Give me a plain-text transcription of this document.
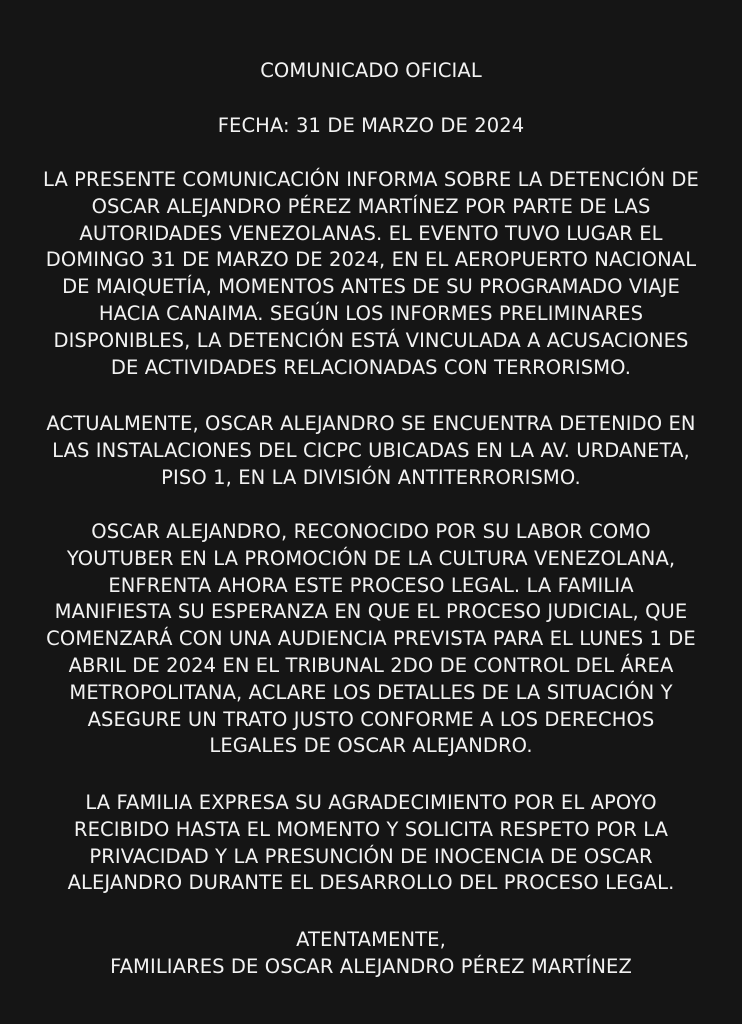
COMUNICADO OFICIAL
FECHA: 31 DE MARZO DE 2024
LA PRESENTE COMUNICACIÓN INFORMA SOBRE LA DETENCIÓN DE
OSCAR ALEJANDRO PÉREZ MARTÍNEZ POR PARTE DE LAS
AUTORIDADES VENEZOLANAS. EL EVENTO TUVO LUGAR EL
DOMINGO 31 DE MARZO DE 2024, EN EL AEROPUERTO NACIONAL
DE MAIQUETÍA, MOMENTOS ANTES DE SU PROGRAMADO VIAJE
HACIA CANAIMA. SEGÚN LOS INFORMES PRELIMINARES
DISPONIBLES, LA DETENCIÓN ESTÁ VINCULADA A ACUSACIONES
DE ACTIVIDADES RELACIONADAS CON TERRORISMO.
ACTUALMENTE, OSCAR ALEJANDRO SE ENCUENTRA DETENIDO EN
LAS INSTALACIONES DEL CICPC UBICADAS EN LA AV. URDANETA,
PISO 1, EN LA DIVISIÓN ANTITERRORISMO.
OSCAR ALEJANDRO, RECONOCIDO POR SU LABOR COMO
YOUTUBER EN LA PROMOCIÓN DE LA CULTURA VENEZOLANA,
ENFRENTA AHORA ESTE PROCESO LEGAL. LA FAMILIA
MANIFIESTA SU ESPERANZA EN QUE EL PROCESO JUDICIAL, QUE
COMENZARÁ CON UNA AUDIENCIA PREVISTA PARA EL LUNES 1 DE
ABRIL DE 2024 EN EL TRIBUNAL 2DO DE CONTROL DEL ÁREA
METROPOLITANA, ACLARE LOS DETALLES DE LA SITUACIÓN Y
ASEGURE UN TRATO JUSTO CONFORME A LOS DERECHOS
LEGALES DE OSCAR ALEJANDRO.
LA FAMILIA EXPRESA SU AGRADECIMIENTO POR EL APOYO
RECIBIDO HASTA EL MOMENTO Y SOLICITA RESPETO POR LA
PRIVACIDAD Y LA PRESUNCIÓN DE INOCENCIA DE OSCAR
ALEJANDRO DURANTE EL DESARROLLO DEL PROCESO LEGAL.
ATENTAMENTE,
FAMILIARES DE OSCAR ALEJANDRO PÉREZ MARTÍNEZ
